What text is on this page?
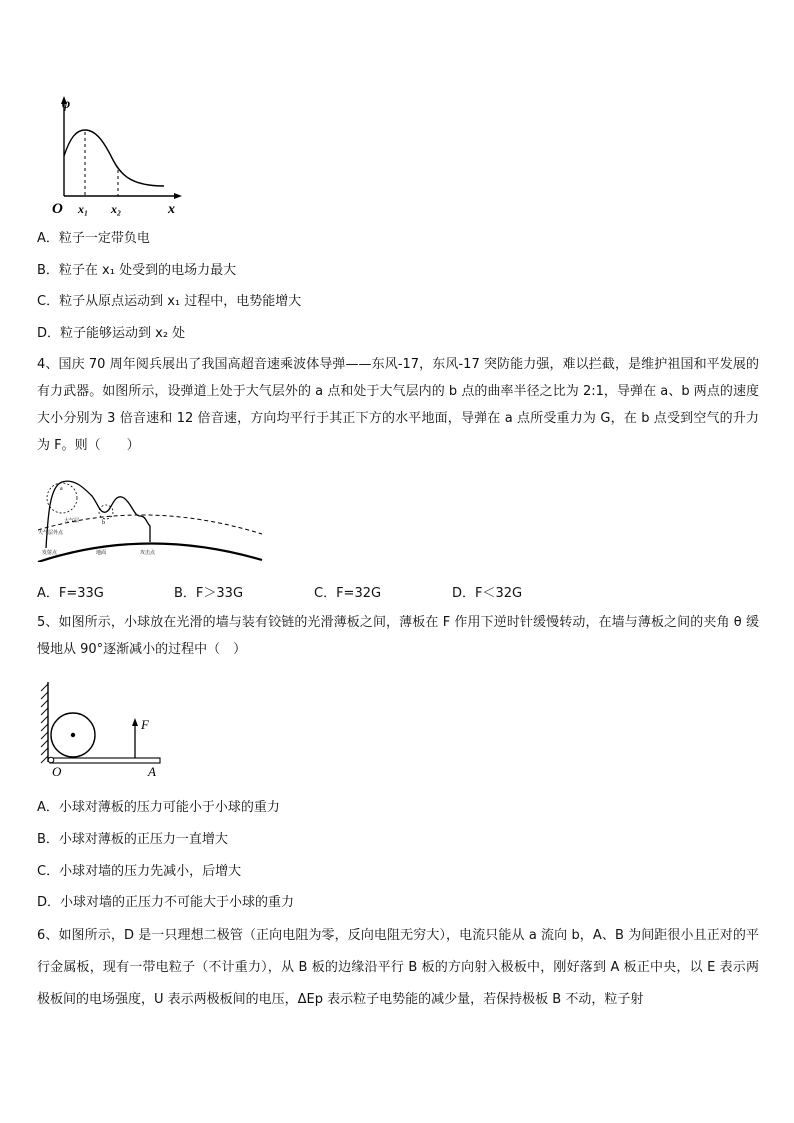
φ
O x₁ x₂	x
A．粒子一定带负电
B．粒子在 x₁ 处受到的电场力最大
C．粒子从原点运动到 x₁ 过程中，电势能增大
D．粒子能够运动到 x₂ 处
4、国庆 70 周年阅兵展出了我国高超音速乘波体导弹——东风-17，东风-17 突防能力强，难以拦截，是维护祖国和平发展的有力武器。如图所示，设弹道上处于大气层外的 a 点和处于大气层内的 b 点的曲率半径之比为 2:1，导弹在 a、b 两点的速度大小分别为 3 倍音速和 12 倍音速，方向均平行于其正下方的水平地面，导弹在 a 点所受重力为 G，在 b 点受到空气的升力为 F。则（　　）
a
b
大气层
大气层外点
发射点	地面	攻击点
A．F=33G	B．F＞33G	C．F=32G	D．F＜32G
5、如图所示，小球放在光滑的墙与装有铰链的光滑薄板之间，薄板在 F 作用下逆时针缓慢转动，在墙与薄板之间的夹角 θ 缓慢地从 90°逐渐减小的过程中（　）
F
O	A
A．小球对薄板的压力可能小于小球的重力
B．小球对薄板的正压力一直增大
C．小球对墙的压力先减小，后增大
D．小球对墙的正压力不可能大于小球的重力
6、如图所示，D 是一只理想二极管（正向电阻为零，反向电阻无穷大），电流只能从 a 流向 b，A、B 为间距很小且正对的平行金属板，现有一带电粒子（不计重力），从 B 板的边缘沿平行 B 板的方向射入极板中，刚好落到 A 板正中央，以 E 表示两极板间的电场强度，U 表示两极板间的电压，ΔEp 表示粒子电势能的减少量，若保持极板 B 不动，粒子射
